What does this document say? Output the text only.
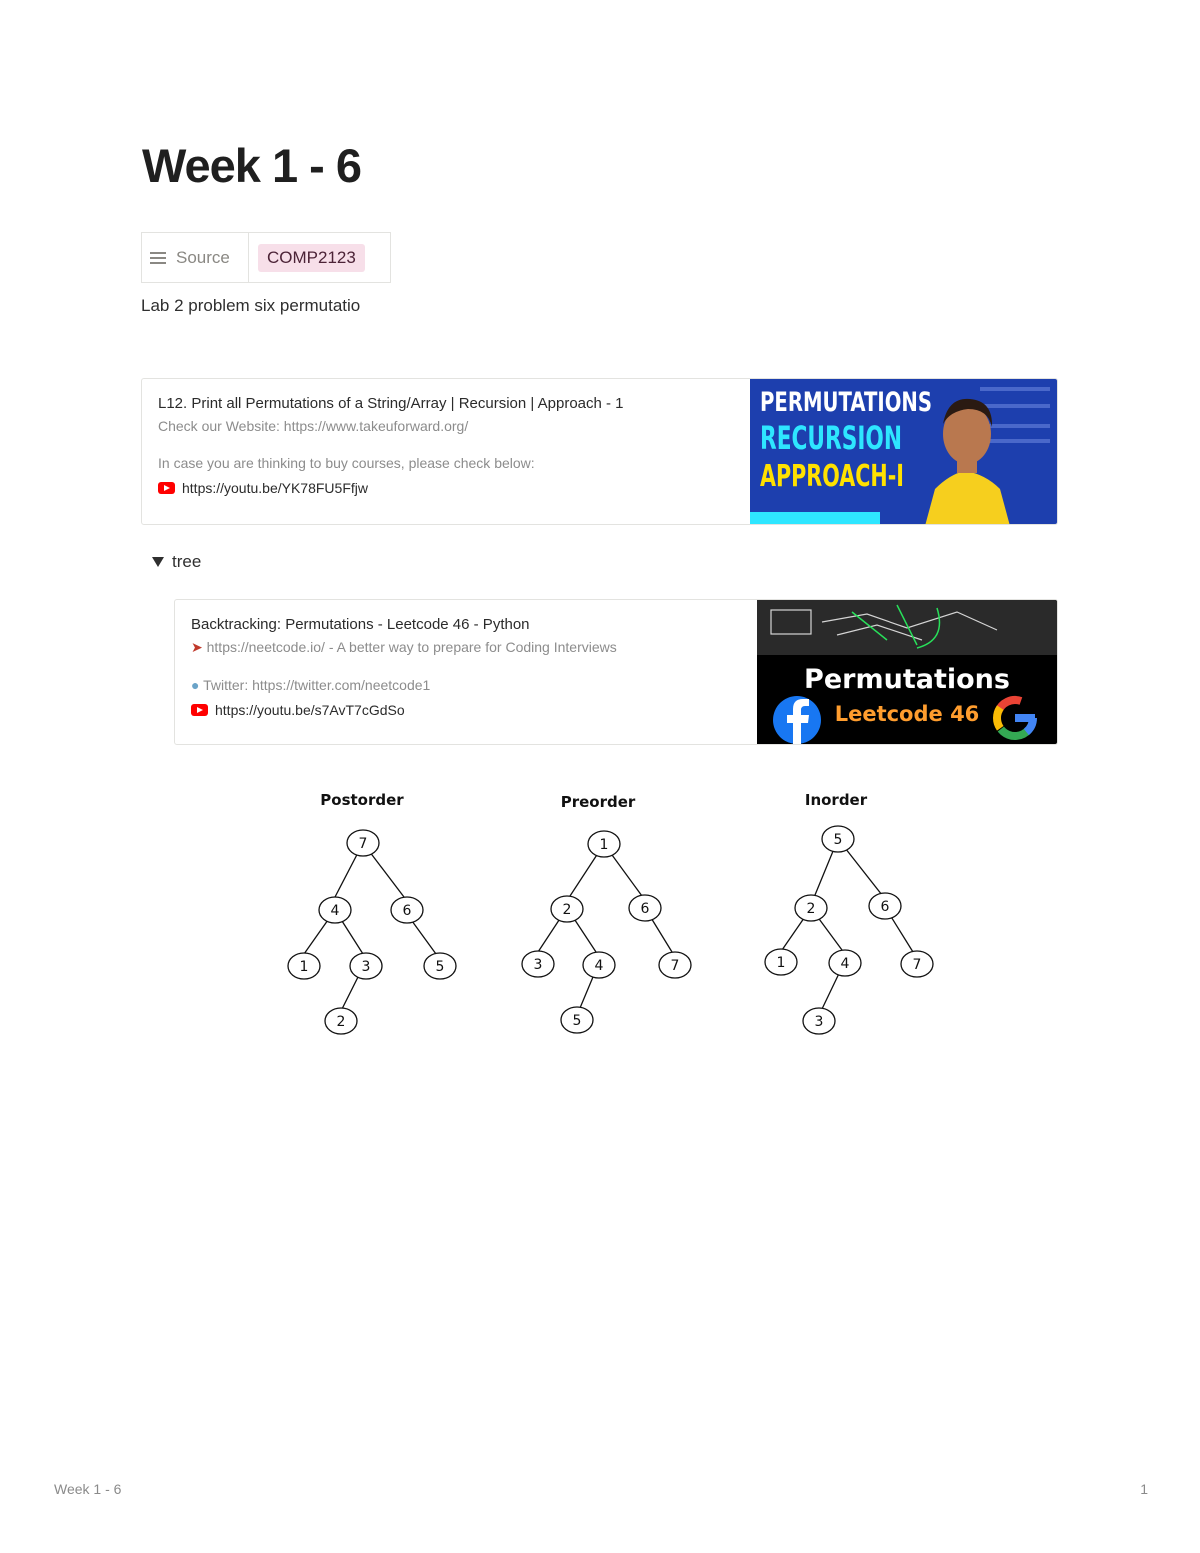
Week 1 - 6
Source	COMP2123

Lab 2 problem six permutatio

L12. Print all Permutations of a String/Array | Recursion | Approach - 1
Check our Website: https://www.takeuforward.org/
In case you are thinking to buy courses, please check below:
https://youtu.be/YK78FU5Ffjw
PERMUTATIONS
RECURSION
APPROACH-I
tree
Backtracking: Permutations - Leetcode 46 - Python
➤ https://neetcode.io/ - A better way to prepare for Coding Interviews
● Twitter: https://twitter.com/neetcode1
https://youtu.be/s7AvT7cGdSo
Permutations
Leetcode 46
Postorder
7
4	6
1	3	5
2
Preorder
1
2	6
3	4	7
5
Inorder
5
2	6
1	4	7
3
Week 1 - 6	1
